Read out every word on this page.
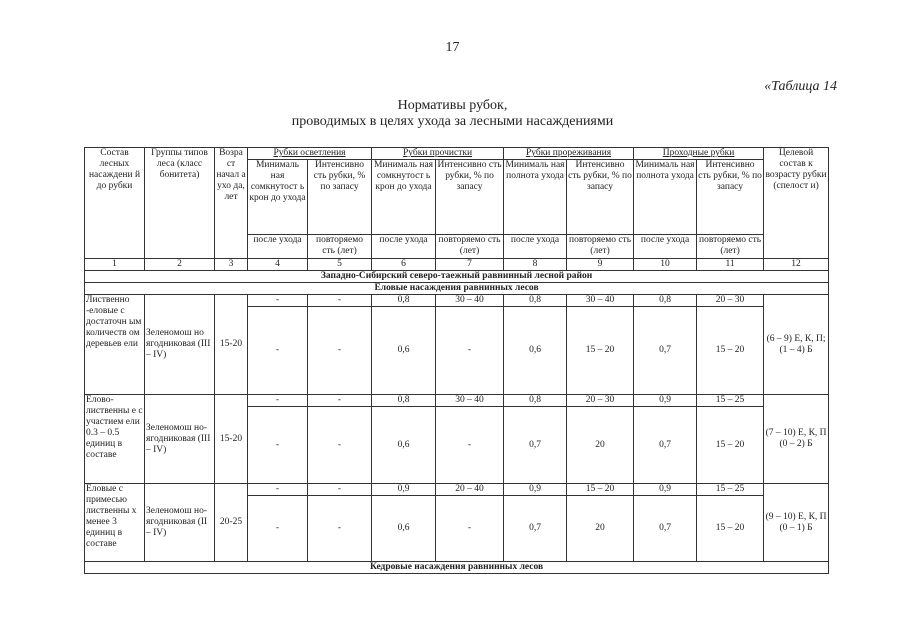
17
«Таблица 14
Нормативы рубок,
проводимых в целях ухода за лесными насаждениями
Состав лесных насаждени й до рубки	Группы типов леса (класс бонитета)	Возра ст начал а ухо да, лет	Рубки осветления		Рубки прочистки		Рубки прореживания		Проходные рубки		Целевой состав к возрасту рубки (спелост и)
			Минималь ная сомкнутост ь крон до ухода	Интенсивно сть рубки, % по запасу	Минималь ная сомкнутост ь крон до ухода	Интенсивно сть рубки, % по запасу	Минималь ная полнота ухода	Интенсивно сть рубки, % по запасу	Минималь ная полнота ухода	Интенсивно сть рубки, % по запасу	
			после ухода	повторяемо сть (лет)	после ухода	повторяемо сть (лет)	после ухода	повторяемо сть (лет)	после ухода	повторяемо сть (лет)	
1	2	3	4	5	6	7	8	9	10	11	12
Западно-Сибирский северо-таежный равнинный лесной район											
Еловые насаждения равнинных лесов											
Лиственно -еловые с достаточн ым количеств ом деревьев ели	Зеленомош но ягодниковая (III – IV)	15-20	-	-	0,8	30 – 40	0,8	30 – 40	0,8	20 – 30	(6 – 9) Е, К, П; (1 – 4) Б
			-	-	0,6	-	0,6	15 – 20	0,7	15 – 20	
Елово-лиственны е с участием ели 0.3 – 0.5 единиц в составе	Зеленомош но-ягодниковая (III – IV)	15-20	-	-	0,8	30 – 40	0,8	20 – 30	0,9	15 – 25	(7 – 10) Е, К, П (0 – 2) Б
			-	-	0,6	-	0,7	20	0,7	15 – 20	
Еловые с примесью лиственны х менее 3 единиц в составе	Зеленомош но-ягодниковая (II – IV)	20-25	-	-	0,9	20 – 40	0,9	15 – 20	0,9	15 – 25	(9 – 10) Е, К, П (0 – 1) Б
			-	-	0,6	-	0,7	20	0,7	15 – 20	
Кедровые насаждения равнинных лесов											
